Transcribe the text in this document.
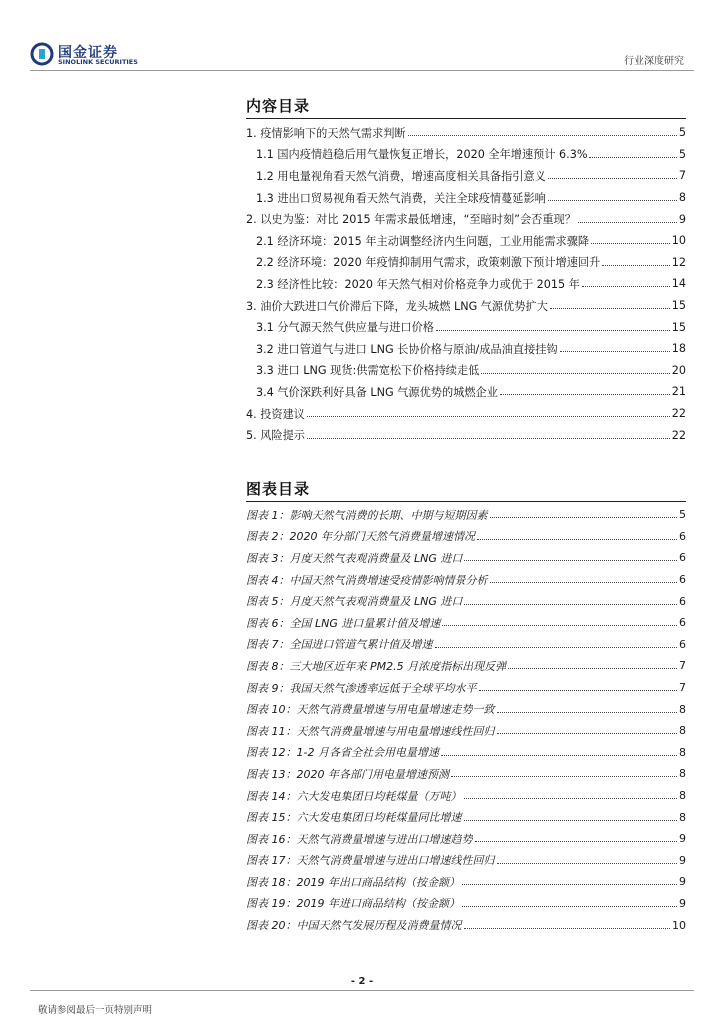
国金证券
SINOLINK SECURITIES	行业深度研究
内容目录
1. 疫情影响下的天然气需求判断	5
1.1 国内疫情趋稳后用气量恢复正增长，2020 全年增速预计 6.3%	5
1.2 用电量视角看天然气消费，增速高度相关具备指引意义	7
1.3 进出口贸易视角看天然气消费，关注全球疫情蔓延影响	8
2. 以史为鉴：对比 2015 年需求最低增速，“至暗时刻”会否重现？	9
2.1 经济环境：2015 年主动调整经济内生问题，工业用能需求骤降	10
2.2 经济环境：2020 年疫情抑制用气需求，政策刺激下预计增速回升	12
2.3 经济性比较：2020 年天然气相对价格竞争力或优于 2015 年	14
3. 油价大跌进口气价滞后下降，龙头城燃 LNG 气源优势扩大	15
3.1 分气源天然气供应量与进口价格	15
3.2 进口管道气与进口 LNG 长协价格与原油/成品油直接挂钩	18
3.3 进口 LNG 现货:供需宽松下价格持续走低	20
3.4 气价深跌利好具备 LNG 气源优势的城燃企业	21
4. 投资建议	22
5. 风险提示	22
图表目录
图表 1：影响天然气消费的长期、中期与短期因素	5
图表 2：2020 年分部门天然气消费量增速情况	6
图表 3：月度天然气表观消费量及 LNG 进口	6
图表 4：中国天然气消费增速受疫情影响情景分析	6
图表 5：月度天然气表观消费量及 LNG 进口	6
图表 6：全国 LNG 进口量累计值及增速	6
图表 7：全国进口管道气累计值及增速	6
图表 8：三大地区近年来 PM2.5 月浓度指标出现反弹	7
图表 9：我国天然气渗透率远低于全球平均水平	7
图表 10：天然气消费量增速与用电量增速走势一致	8
图表 11：天然气消费量增速与用电量增速线性回归	8
图表 12：1-2 月各省全社会用电量增速	8
图表 13：2020 年各部门用电量增速预测	8
图表 14：六大发电集团日均耗煤量（万吨）	8
图表 15：六大发电集团日均耗煤量同比增速	8
图表 16：天然气消费量增速与进出口增速趋势	9
图表 17：天然气消费量增速与进出口增速线性回归	9
图表 18：2019 年出口商品结构（按金额）	9
图表 19：2019 年进口商品结构（按金额）	9
图表 20：中国天然气发展历程及消费量情况	10
- 2 -
敬请参阅最后一页特别声明
